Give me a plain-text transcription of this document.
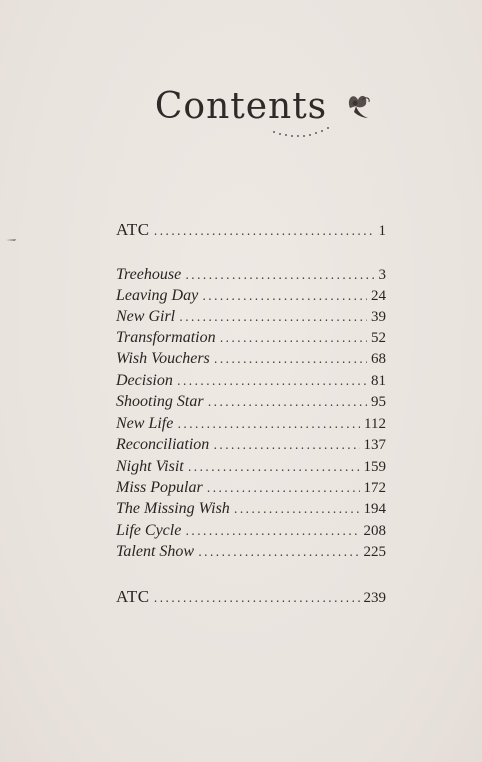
Contents
ATC .....	1
Treehouse .....	3
Leaving Day .....	24
New Girl .....	39
Transformation .....	52
Wish Vouchers .....	68
Decision .....	81
Shooting Star .....	95
New Life .....	112
Reconciliation .....	137
Night Visit .....	159
Miss Popular .....	172
The Missing Wish .....	194
Life Cycle .....	208
Talent Show .....	225
ATC .....	239
